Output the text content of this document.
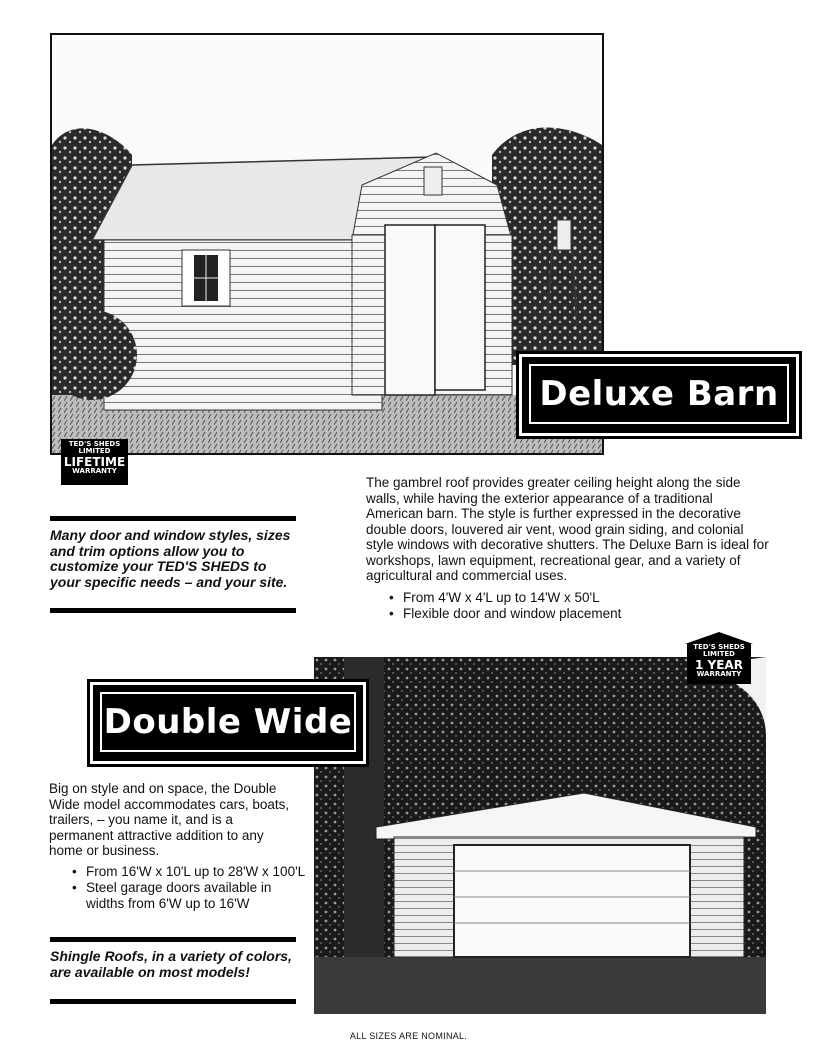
TED'S SHEDS
LIMITED
LIFETIME
WARRANTY
Deluxe Barn
The gambrel roof provides greater ceiling height along the side walls, while having the exterior appearance of a traditional American barn. The style is further expressed in the decorative double doors, louvered air vent, wood grain siding, and colonial style windows with decorative shutters. The Deluxe Barn is ideal for workshops, lawn equipment, recreational gear, and a variety of agricultural and commercial uses.
• From 4'W x 4'L up to 14'W x 50'L
• Flexible door and window placement
Many door and window styles, sizes and trim options allow you to customize your TED'S SHEDS to your specific needs – and your site.
TED'S SHEDS
LIMITED
1 YEAR
WARRANTY
Double Wide
Big on style and on space, the Double Wide model accommodates cars, boats, trailers, – you name it, and is a permanent attractive addition to any home or business.
• From 16'W x 10'L up to 28'W x 100'L
• Steel garage doors available in widths from 6'W up to 16'W
Shingle Roofs, in a variety of colors, are available on most models!
ALL SIZES ARE NOMINAL.
